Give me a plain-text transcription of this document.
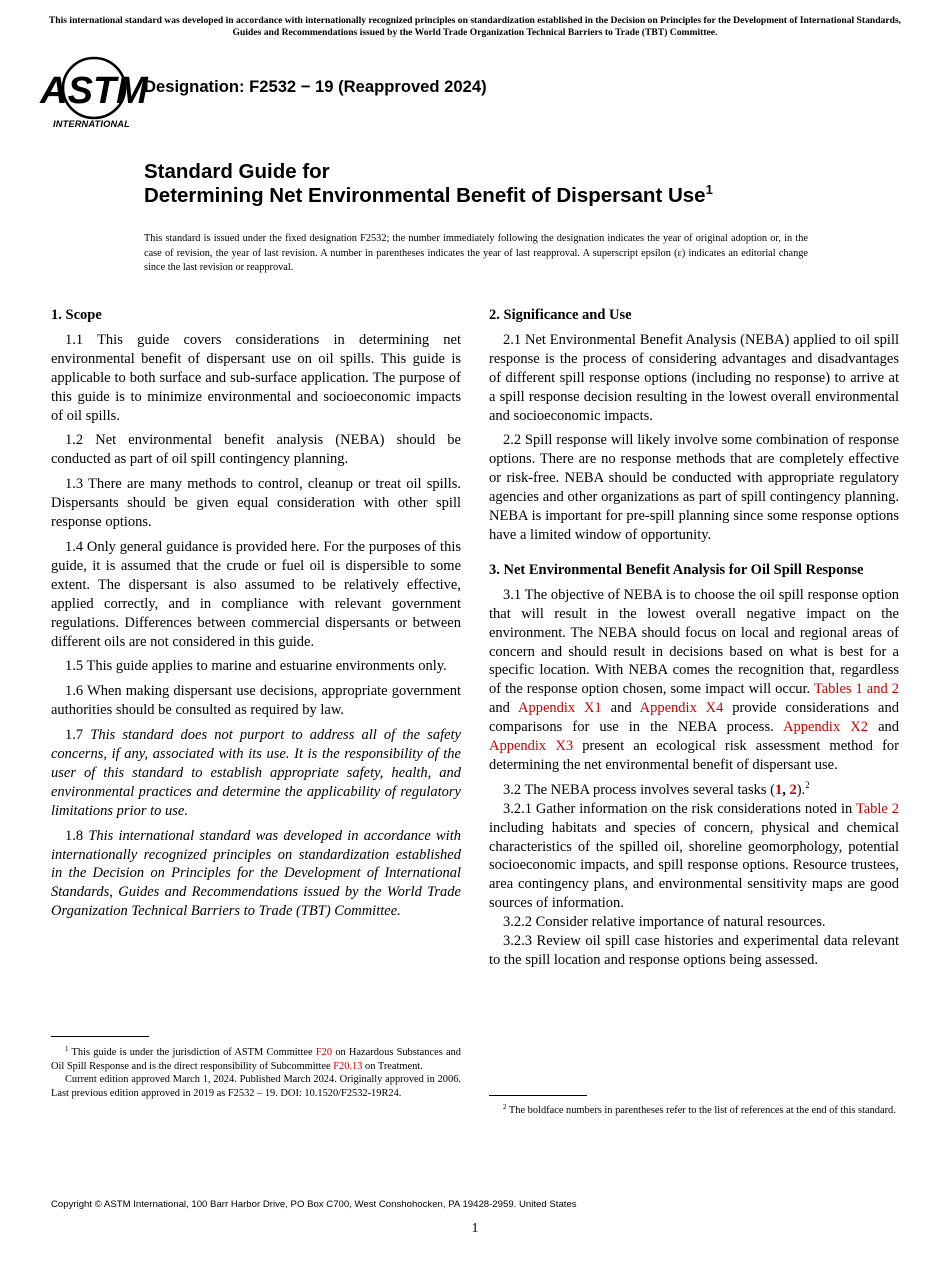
This international standard was developed in accordance with internationally recognized principles on standardization established in the Decision on Principles for the Development of International Standards, Guides and Recommendations issued by the World Trade Organization Technical Barriers to Trade (TBT) Committee.
ASTM
INTERNATIONAL
Designation: F2532 − 19 (Reapproved 2024)
Standard Guide for
Determining Net Environmental Benefit of Dispersant Use$^1$
This standard is issued under the fixed designation F2532; the number immediately following the designation indicates the year of original adoption or, in the case of revision, the year of last revision. A number in parentheses indicates the year of last reapproval. A superscript epsilon (ε) indicates an editorial change since the last revision or reapproval.
1. Scope

1.1 This guide covers considerations in determining net environmental benefit of dispersant use on oil spills. This guide is applicable to both surface and sub-surface application. The purpose of this guide is to minimize environmental and socioeconomic impacts of oil spills.

1.2 Net environmental benefit analysis (NEBA) should be conducted as part of oil spill contingency planning.

1.3 There are many methods to control, cleanup or treat oil spills. Dispersants should be given equal consideration with other spill response options.

1.4 Only general guidance is provided here. For the purposes of this guide, it is assumed that the crude or fuel oil is dispersible to some extent. The dispersant is also assumed to be relatively effective, applied correctly, and in compliance with relevant government regulations. Differences between commercial dispersants or between different oils are not considered in this guide.

1.5 This guide applies to marine and estuarine environments only.

1.6 When making dispersant use decisions, appropriate government authorities should be consulted as required by law.

1.7 This standard does not purport to address all of the safety concerns, if any, associated with its use. It is the responsibility of the user of this standard to establish appropriate safety, health, and environmental practices and determine the applicability of regulatory limitations prior to use.

1.8 This international standard was developed in accordance with internationally recognized principles on standardization established in the Decision on Principles for the Development of International Standards, Guides and Recommendations issued by the World Trade Organization Technical Barriers to Trade (TBT) Committee.

2. Significance and Use

2.1 Net Environmental Benefit Analysis (NEBA) applied to oil spill response is the process of considering advantages and disadvantages of different spill response options (including no response) to arrive at a spill response decision resulting in the lowest overall environmental and socioeconomic impacts.

2.2 Spill response will likely involve some combination of response options. There are no response methods that are completely effective or risk-free. NEBA should be conducted with appropriate regulatory agencies and other organizations as part of spill contingency planning. NEBA is important for pre-spill planning since some response options have a limited window of opportunity.

3. Net Environmental Benefit Analysis for Oil Spill Response

3.1 The objective of NEBA is to choose the oil spill response option that will result in the lowest overall negative impact on the environment. The NEBA should focus on local and regional areas of concern and should result in decisions based on what is best for a specific location. With NEBA comes the recognition that, regardless of the response option chosen, some impact will occur. Tables 1 and 2 and Appendix X1 and Appendix X4 provide considerations and comparisons for use in the NEBA process. Appendix X2 and Appendix X3 present an ecological risk assessment method for determining the net environmental benefit of dispersant use.

3.2 The NEBA process involves several tasks (1, 2).$^2$

3.2.1 Gather information on the risk considerations noted in Table 2 including habitats and species of concern, physical and chemical characteristics of the spilled oil, shoreline geomorphology, potential socioeconomic impacts, and spill response options. Resource trustees, area contingency plans, and environmental sensitivity maps are good sources of information.

3.2.2 Consider relative importance of natural resources.

3.2.3 Review oil spill case histories and experimental data relevant to the spill location and response options being assessed.

$^1$ This guide is under the jurisdiction of ASTM Committee F20 on Hazardous Substances and Oil Spill Response and is the direct responsibility of Subcommittee F20.13 on Treatment.

Current edition approved March 1, 2024. Published March 2024. Originally approved in 2006. Last previous edition approved in 2019 as F2532 – 19. DOI: 10.1520/F2532-19R24.

$^2$ The boldface numbers in parentheses refer to the list of references at the end of this standard.

Copyright © ASTM International, 100 Barr Harbor Drive, PO Box C700, West Conshohocken, PA 19428-2959. United States
1
